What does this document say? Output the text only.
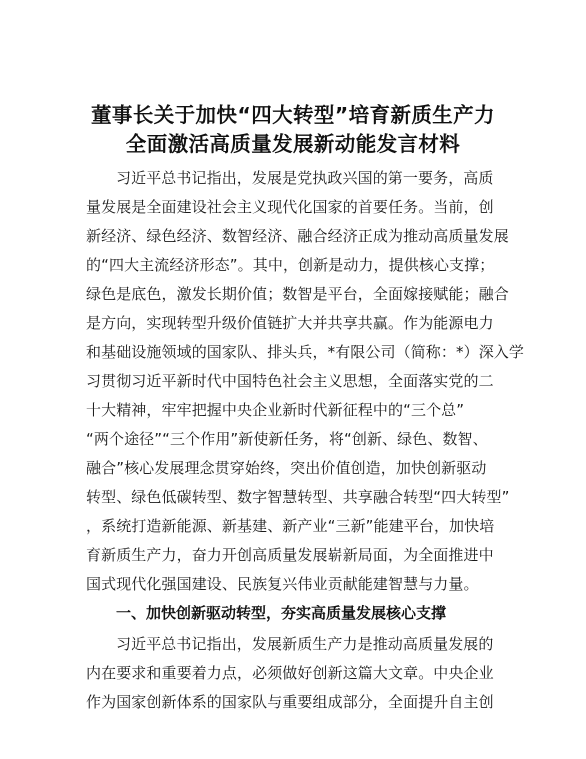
董事长关于加快“四大转型”培育新质生产力
全面激活高质量发展新动能发言材料
习近平总书记指出，发展是党执政兴国的第一要务，高质
量发展是全面建设社会主义现代化国家的首要任务。当前，创
新经济、绿色经济、数智经济、融合经济正成为推动高质量发展
的“四大主流经济形态”。其中，创新是动力，提供核心支撑；
绿色是底色，激发长期价值；数智是平台，全面嫁接赋能；融合
是方向，实现转型升级价值链扩大并共享共赢。作为能源电力
和基础设施领域的国家队、排头兵，*有限公司（简称：*）深入学
习贯彻习近平新时代中国特色社会主义思想，全面落实党的二
十大精神，牢牢把握中央企业新时代新征程中的“三个总”
“两个途径”“三个作用”新使新任务，将“创新、绿色、数智、
融合”核心发展理念贯穿始终，突出价值创造，加快创新驱动
转型、绿色低碳转型、数字智慧转型、共享融合转型“四大转型”
，系统打造新能源、新基建、新产业“三新”能建平台，加快培
育新质生产力，奋力开创高质量发展崭新局面，为全面推进中
国式现代化强国建设、民族复兴伟业贡献能建智慧与力量。
一、加快创新驱动转型，夯实高质量发展核心支撑
习近平总书记指出，发展新质生产力是推动高质量发展的
内在要求和重要着力点，必须做好创新这篇大文章。中央企业
作为国家创新体系的国家队与重要组成部分，全面提升自主创
